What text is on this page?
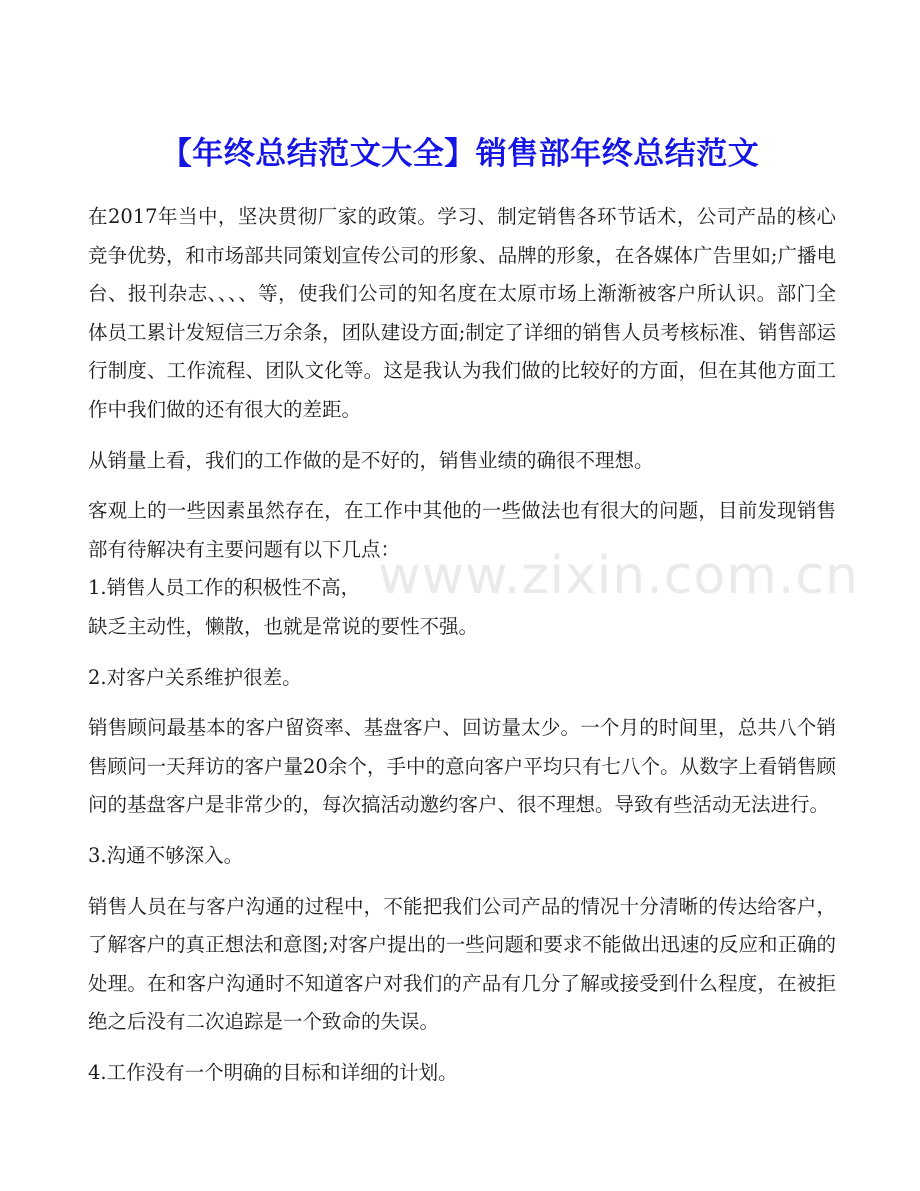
【年终总结范文大全】销售部年终总结范文

在2017年当中，坚决贯彻厂家的政策。学习、制定销售各环节话术，公司产品的核心竞争优势，和市场部共同策划宣传公司的形象、品牌的形象，在各媒体广告里如;广播电台、报刊杂志、、、、等，使我们公司的知名度在太原市场上渐渐被客户所认识。部门全体员工累计发短信三万余条，团队建设方面;制定了详细的销售人员考核标准、销售部运行制度、工作流程、团队文化等。这是我认为我们做的比较好的方面，但在其他方面工作中我们做的还有很大的差距。

从销量上看，我们的工作做的是不好的，销售业绩的确很不理想。

客观上的一些因素虽然存在，在工作中其他的一些做法也有很大的问题，目前发现销售部有待解决有主要问题有以下几点：

1.销售人员工作的积极性不高，

缺乏主动性，懒散，也就是常说的要性不强。

2.对客户关系维护很差。

销售顾问最基本的客户留资率、基盘客户、回访量太少。一个月的时间里，总共八个销售顾问一天拜访的客户量20余个，手中的意向客户平均只有七八个。从数字上看销售顾问的基盘客户是非常少的，每次搞活动邀约客户、很不理想。导致有些活动无法进行。

3.沟通不够深入。

销售人员在与客户沟通的过程中，不能把我们公司产品的情况十分清晰的传达给客户，了解客户的真正想法和意图;对客户提出的一些问题和要求不能做出迅速的反应和正确的处理。在和客户沟通时不知道客户对我们的产品有几分了解或接受到什么程度，在被拒绝之后没有二次追踪是一个致命的失误。

4.工作没有一个明确的目标和详细的计划。

www.zixin.com.cn
